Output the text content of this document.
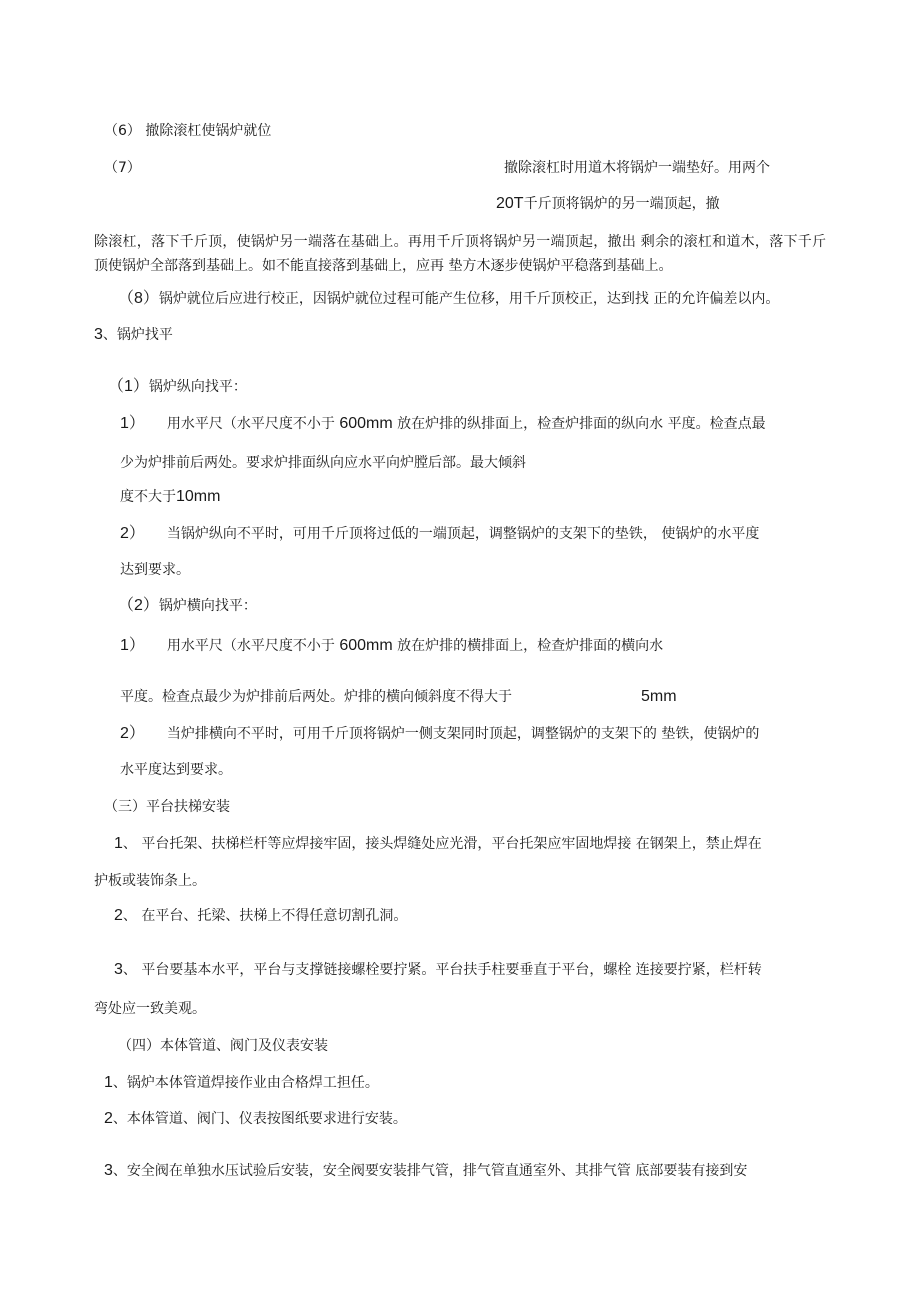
（6） 撤除滚杠使锅炉就位
（7）	撤除滚杠时用道木将锅炉一端垫好。用两个
20T千斤顶将锅炉的另一端顶起，撤
除滚杠，落下千斤顶，使锅炉另一端落在基础上。再用千斤顶将锅炉另一端顶起，撤出 剩余的滚杠和道木，落下千斤顶使锅炉全部落到基础上。如不能直接落到基础上，应再 垫方木逐步使锅炉平稳落到基础上。
（8）锅炉就位后应进行校正，因锅炉就位过程可能产生位移，用千斤顶校正，达到找 正的允许偏差以内。
3、锅炉找平
（1）锅炉纵向找平：
1） 用水平尺（水平尺度不小于 600mm 放在炉排的纵排面上，检查炉排面的纵向水 平度。检查点最
少为炉排前后两处。要求炉排面纵向应水平向炉膛后部。最大倾斜
度不大于10mm
2） 当锅炉纵向不平时，可用千斤顶将过低的一端顶起，调整锅炉的支架下的垫铁， 使锅炉的水平度
达到要求。
（2）锅炉横向找平：
1） 用水平尺（水平尺度不小于 600mm 放在炉排的横排面上，检查炉排面的横向水
平度。检查点最少为炉排前后两处。炉排的横向倾斜度不得大于	5mm
2） 当炉排横向不平时，可用千斤顶将锅炉一侧支架同时顶起，调整锅炉的支架下的 垫铁，使锅炉的
水平度达到要求。
（三）平台扶梯安装
1、 平台托架、扶梯栏杆等应焊接牢固，接头焊缝处应光滑，平台托架应牢固地焊接 在钢架上，禁止焊在
护板或装饰条上。
2、 在平台、托梁、扶梯上不得任意切割孔洞。
3、 平台要基本水平，平台与支撑链接螺栓要拧紧。平台扶手柱要垂直于平台，螺栓 连接要拧紧，栏杆转
弯处应一致美观。
（四）本体管道、阀门及仪表安装
1、锅炉本体管道焊接作业由合格焊工担任。
2、本体管道、阀门、仪表按图纸要求进行安装。
3、安全阀在单独水压试验后安装，安全阀要安装排气管，排气管直通室外、其排气管 底部要装有接到安
